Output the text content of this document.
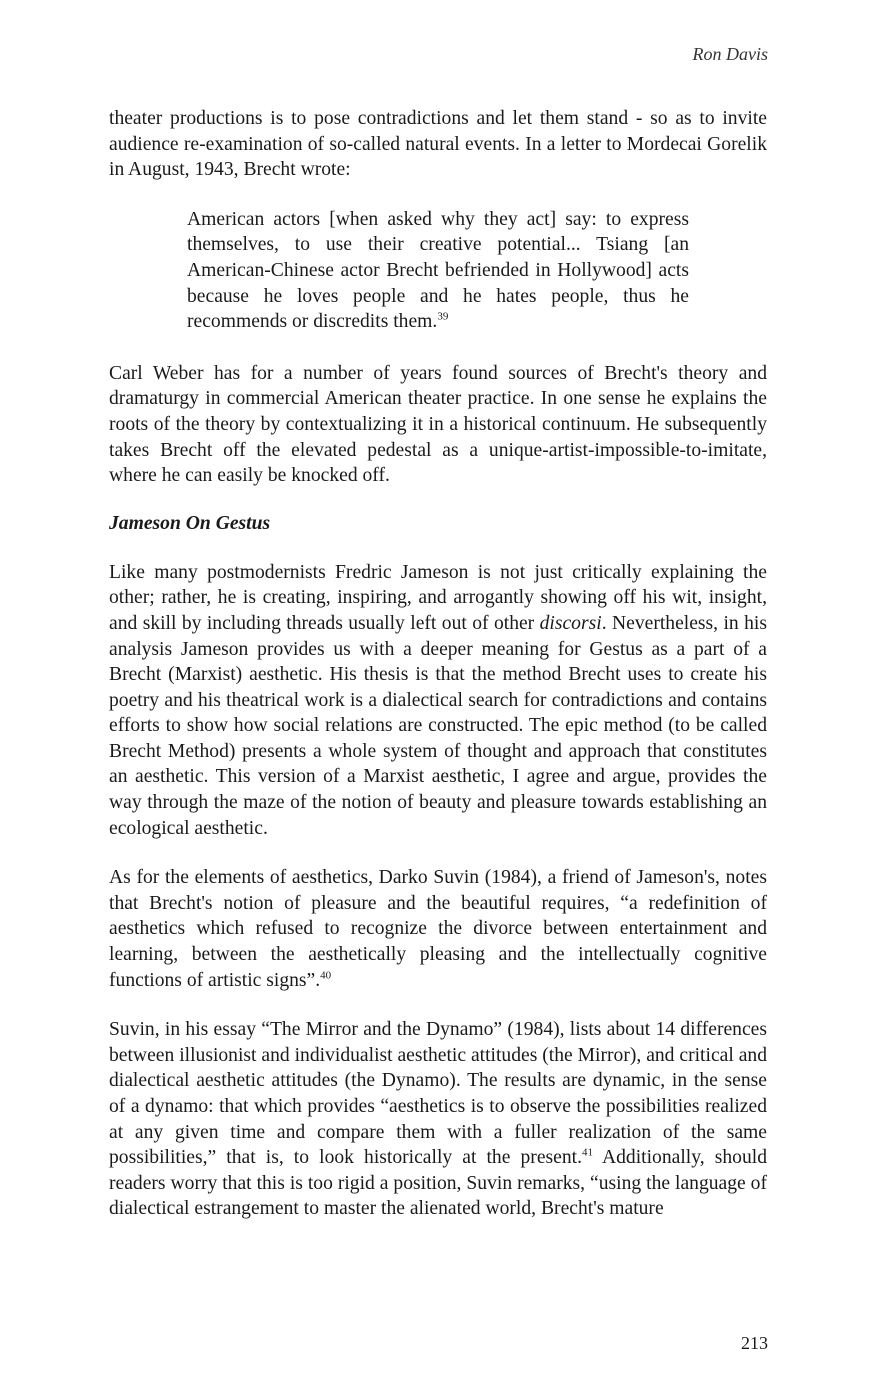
Ron Davis

theater productions is to pose contradictions and let them stand - so as to invite audience re-examination of so-called natural events. In a letter to Mordecai Gorelik in August, 1943, Brecht wrote:

American actors [when asked why they act] say: to express themselves, to use their creative potential... Tsiang [an American-Chinese actor Brecht befriended in Hollywood] acts because he loves people and he hates people, thus he recommends or discredits them.$^{39}$

Carl Weber has for a number of years found sources of Brecht's theory and dramaturgy in commercial American theater practice. In one sense he explains the roots of the theory by contextualizing it in a historical continuum. He subsequently takes Brecht off the elevated pedestal as a unique-artist-impossible-to-imitate, where he can easily be knocked off.

Jameson On Gestus

Like many postmodernists Fredric Jameson is not just critically explaining the other; rather, he is creating, inspiring, and arrogantly showing off his wit, insight, and skill by including threads usually left out of other discorsi. Nevertheless, in his analysis Jameson provides us with a deeper meaning for Gestus as a part of a Brecht (Marxist) aesthetic. His thesis is that the method Brecht uses to create his poetry and his theatrical work is a dialectical search for contradictions and contains efforts to show how social relations are constructed. The epic method (to be called Brecht Method) presents a whole system of thought and approach that constitutes an aesthetic. This version of a Marxist aesthetic, I agree and argue, provides the way through the maze of the notion of beauty and pleasure towards establishing an ecological aesthetic.

As for the elements of aesthetics, Darko Suvin (1984), a friend of Jameson's, notes that Brecht's notion of pleasure and the beautiful requires, “a redefinition of aesthetics which refused to recognize the divorce between entertainment and learning, between the aesthetically pleasing and the intellectually cognitive functions of artistic signs”.$^{40}$

Suvin, in his essay “The Mirror and the Dynamo” (1984), lists about 14 differences between illusionist and individualist aesthetic attitudes (the Mirror), and critical and dialectical aesthetic attitudes (the Dynamo). The results are dynamic, in the sense of a dynamo: that which provides “aesthetics is to observe the possibilities realized at any given time and compare them with a fuller realization of the same possibilities,” that is, to look historically at the present.$^{41}$ Additionally, should readers worry that this is too rigid a position, Suvin remarks, “using the language of dialectical estrangement to master the alienated world, Brecht's mature

213
